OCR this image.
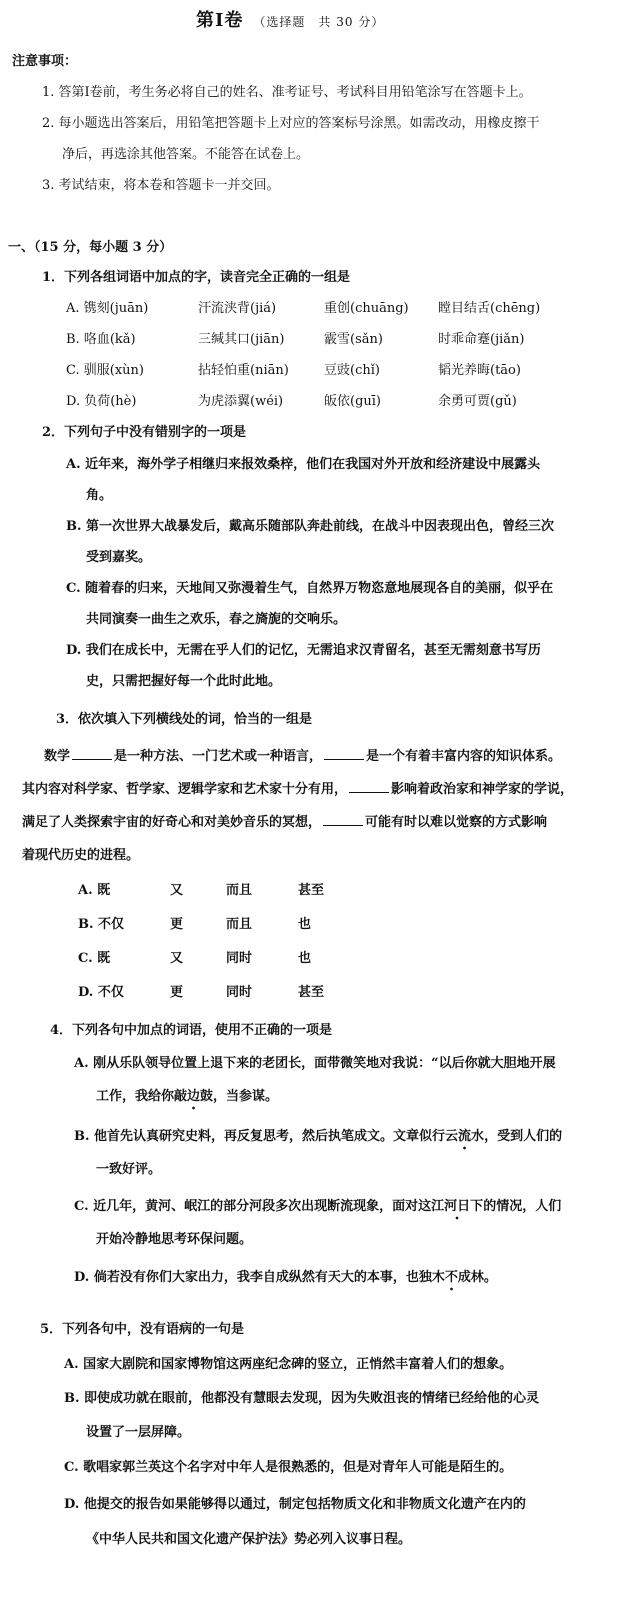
第Ⅰ卷 （选择题　共 30 分）
注意事项：
1. 答第Ⅰ卷前，考生务必将自己的姓名、准考证号、考试科目用铅笔涂写在答题卡上。
2. 每小题选出答案后，用铅笔把答题卡上对应的答案标号涂黑。如需改动，用橡皮擦干
净后，再选涂其他答案。不能答在试卷上。
3. 考试结束，将本卷和答题卡一并交回。
一、（15 分，每小题 3 分）
1．下列各组词语中加点的字，读音完全正确的一组是
A. 镌刻(juān)	汗流浃背(jiá)	重创(chuāng) 瞠目结舌(chēng)
B. 咯血(kǎ)	三缄其口(jiān)	霰雪(sǎn)	时乖命蹇(jiǎn)
C. 驯服(xùn)	拈轻怕重(niān)	豆豉(chǐ)	韬光养晦(tāo)
D. 负荷(hè)	为虎添翼(wéi)	皈依(guī)	余勇可贾(gǔ)
2．下列句子中没有错别字的一项是
A. 近年来，海外学子相继归来报效桑梓，他们在我国对外开放和经济建设中展露头
角。
B. 第一次世界大战暴发后，戴高乐随部队奔赴前线，在战斗中因表现出色，曾经三次
受到嘉奖。
C. 随着春的归来，天地间又弥漫着生气，自然界万物恣意地展现各自的美丽，似乎在
共同演奏一曲生之欢乐，春之旖旎的交响乐。
D. 我们在成长中，无需在乎人们的记忆，无需追求汉青留名，甚至无需刻意书写历
史，只需把握好每一个此时此地。
3．依次填入下列横线处的词，恰当的一组是
数学	是一种方法、一门艺术或一种语言，	是一个有着丰富内容的知识体系。
其内容对科学家、哲学家、逻辑学家和艺术家十分有用，	影响着政治家和神学家的学说，
满足了人类探索宇宙的好奇心和对美妙音乐的冥想，	可能有时以难以觉察的方式影响
着现代历史的进程。
A. 既	又	而且	甚至
B. 不仅	更	而且	也
C. 既	又	同时	也
D. 不仅	更	同时	甚至
4．下列各句中加点的词语，使用不正确的一项是
A. 刚从乐队领导位置上退下来的老团长，面带微笑地对我说：“以后你就大胆地开展
工作，我给你敲边鼓，当参谋。
B. 他首先认真研究史料，再反复思考，然后执笔成文。文章似行云流水，受到人们的
一致好评。
C. 近几年，黄河、岷江的部分河段多次出现断流现象，面对这江河日下的情况，人们
开始冷静地思考环保问题。
D. 倘若没有你们大家出力，我李自成纵然有天大的本事，也独木不成林。
5．下列各句中，没有语病的一句是
A. 国家大剧院和国家博物馆这两座纪念碑的竖立，正悄然丰富着人们的想象。
B. 即使成功就在眼前，他都没有慧眼去发现，因为失败沮丧的情绪已经给他的心灵
设置了一层屏障。
C. 歌唱家郭兰英这个名字对中年人是很熟悉的，但是对青年人可能是陌生的。
D. 他提交的报告如果能够得以通过，制定包括物质文化和非物质文化遗产在内的
《中华人民共和国文化遗产保护法》势必列入议事日程。
